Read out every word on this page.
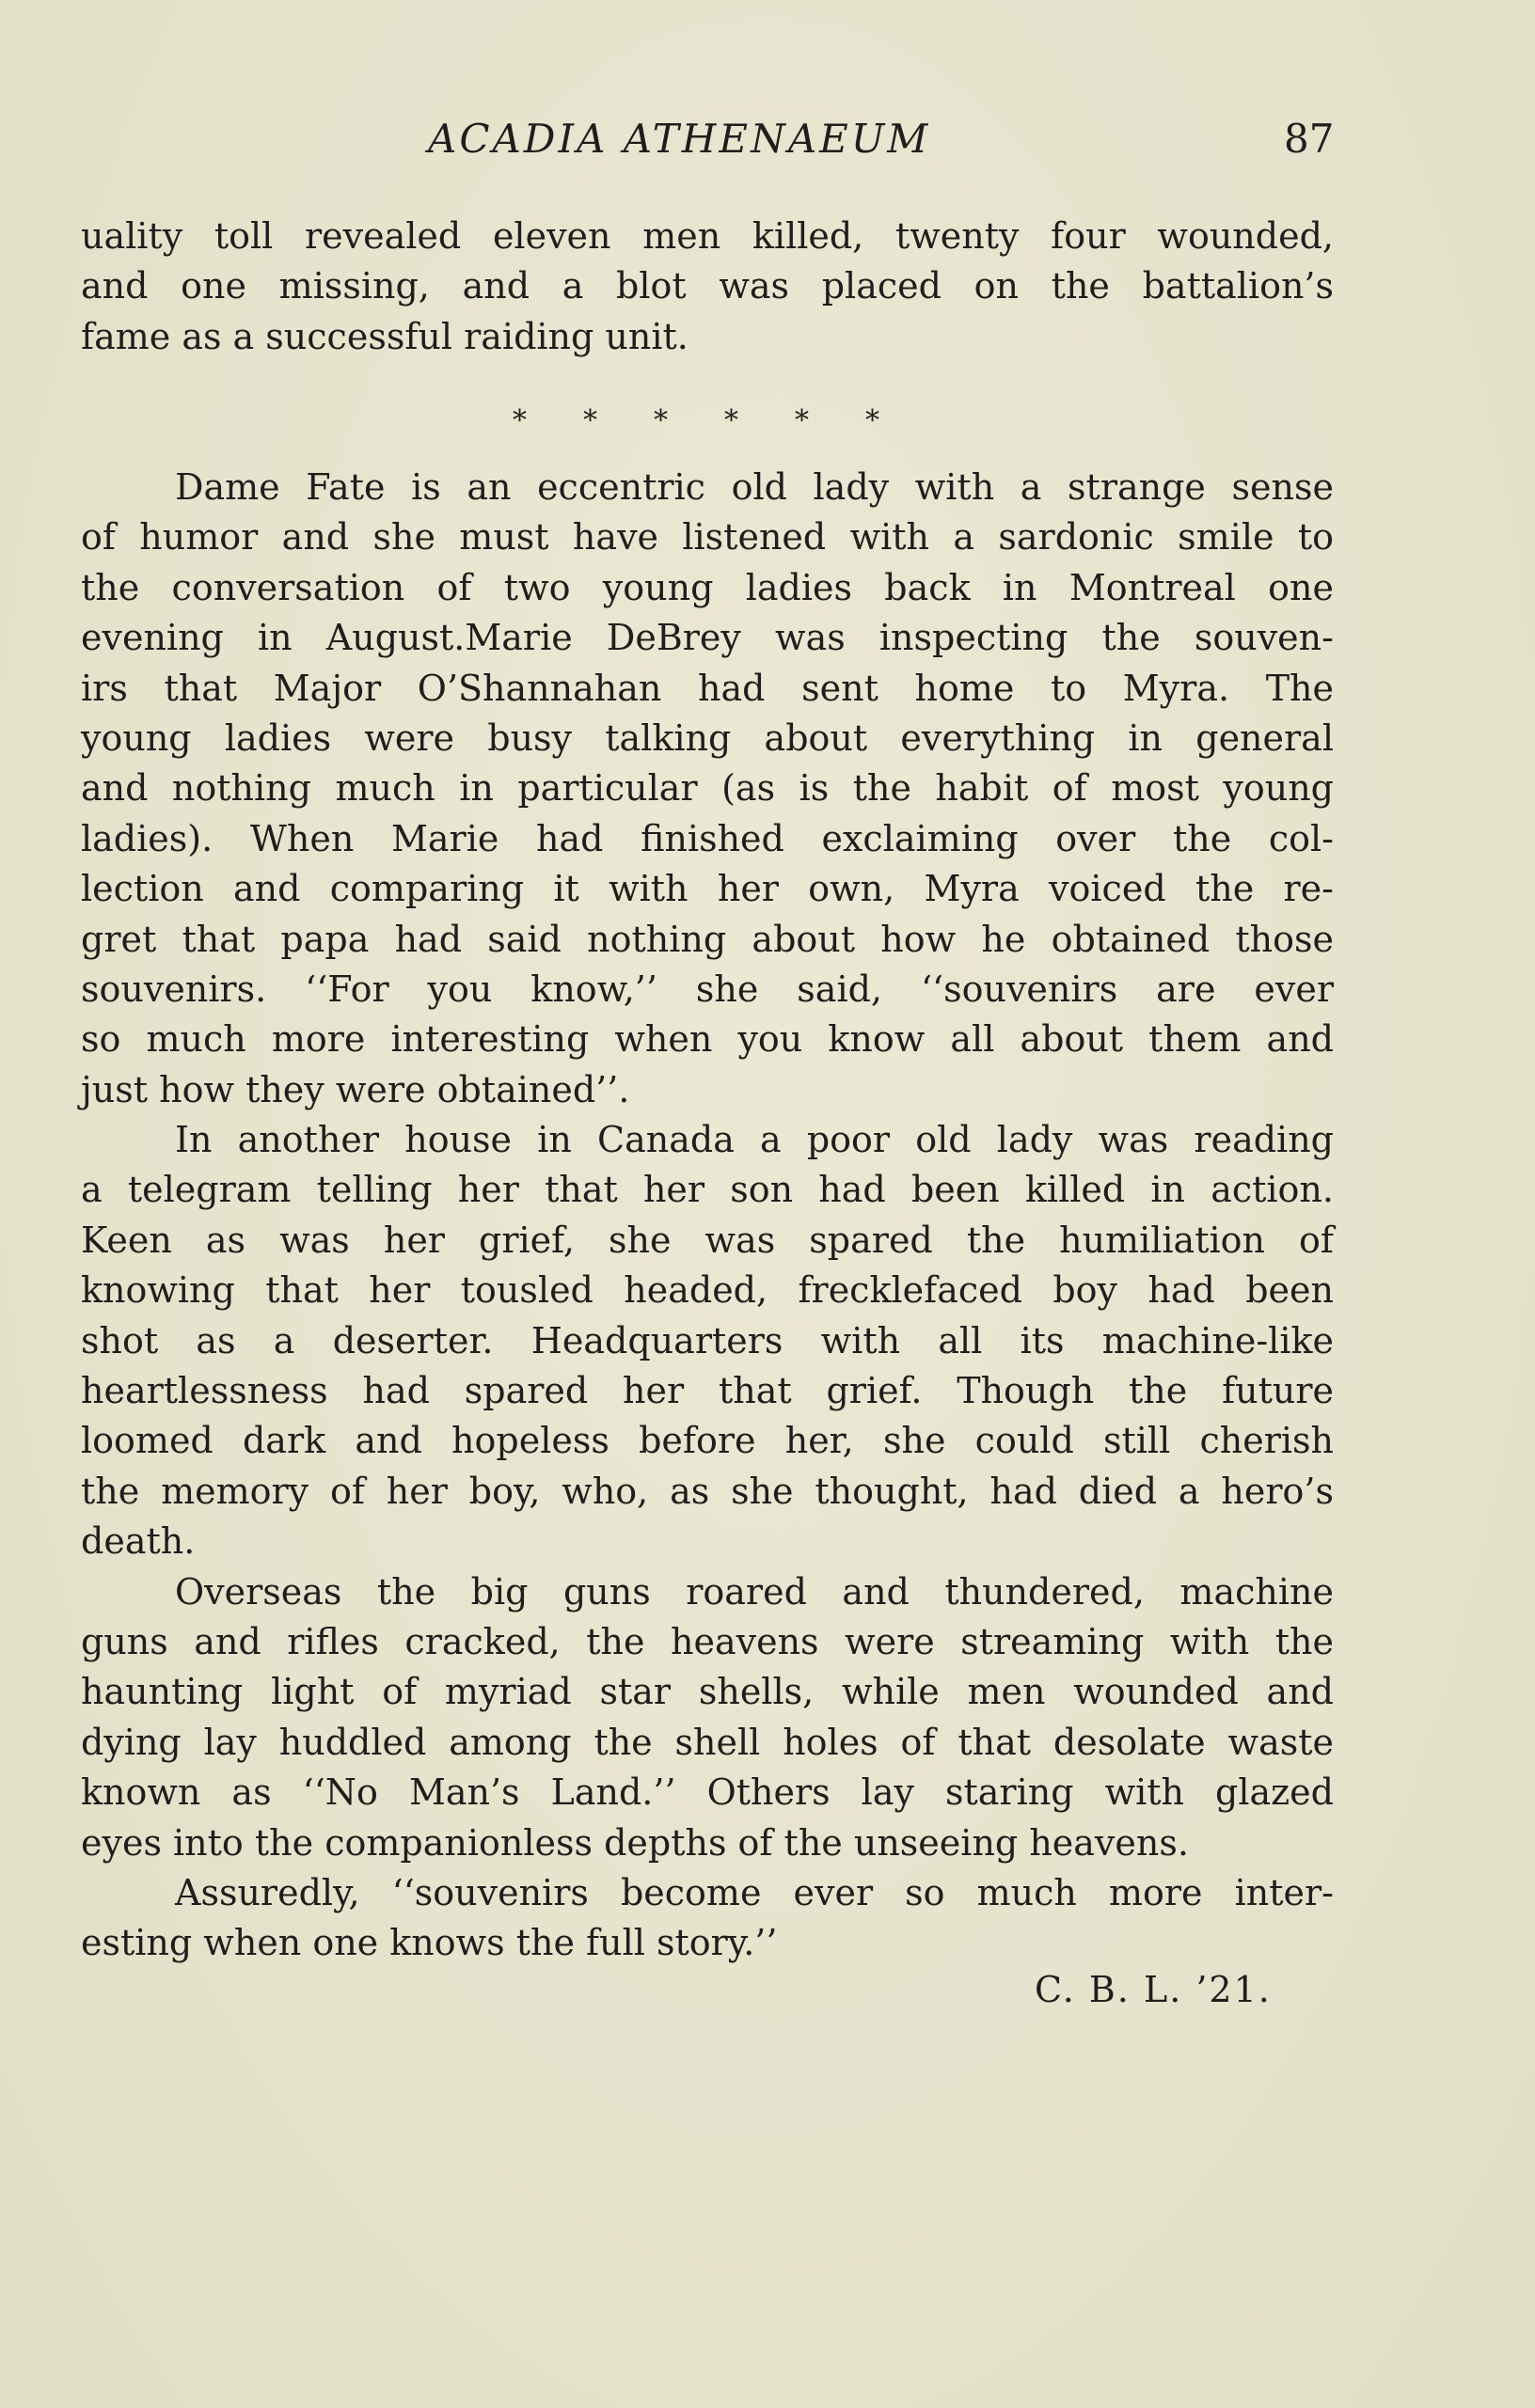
ACADIA ATHENAEUM	87
uality toll revealed eleven men killed, twenty four wounded,
and one missing, and a blot was placed on the battalion’s
fame as a successful raiding unit.
* * * * * *
Dame Fate is an eccentric old lady with a strange sense
of humor and she must have listened with a sardonic smile to
the conversation of two young ladies back in Montreal one
evening in August.Marie DeBrey was inspecting the souven-
irs that Major O’Shannahan had sent home to Myra. The
young ladies were busy talking about everything in general
and nothing much in particular (as is the habit of most young
ladies). When Marie had finished exclaiming over the col-
lection and comparing it with her own, Myra voiced the re-
gret that papa had said nothing about how he obtained those
souvenirs. ‘‘For you know,’’ she said, ‘‘souvenirs are ever
so much more interesting when you know all about them and
just how they were obtained’’.
In another house in Canada a poor old lady was reading
a telegram telling her that her son had been killed in action.
Keen as was her grief, she was spared the humiliation of
knowing that her tousled headed, frecklefaced boy had been
shot as a deserter. Headquarters with all its machine-like
heartlessness had spared her that grief. Though the future
loomed dark and hopeless before her, she could still cherish
the memory of her boy, who, as she thought, had died a hero’s
death.
Overseas the big guns roared and thundered, machine
guns and rifles cracked, the heavens were streaming with the
haunting light of myriad star shells, while men wounded and
dying lay huddled among the shell holes of that desolate waste
known as ‘‘No Man’s Land.’’ Others lay staring with glazed
eyes into the companionless depths of the unseeing heavens.
Assuredly, ‘‘souvenirs become ever so much more inter-
esting when one knows the full story.’’
C. B. L. ’21.
